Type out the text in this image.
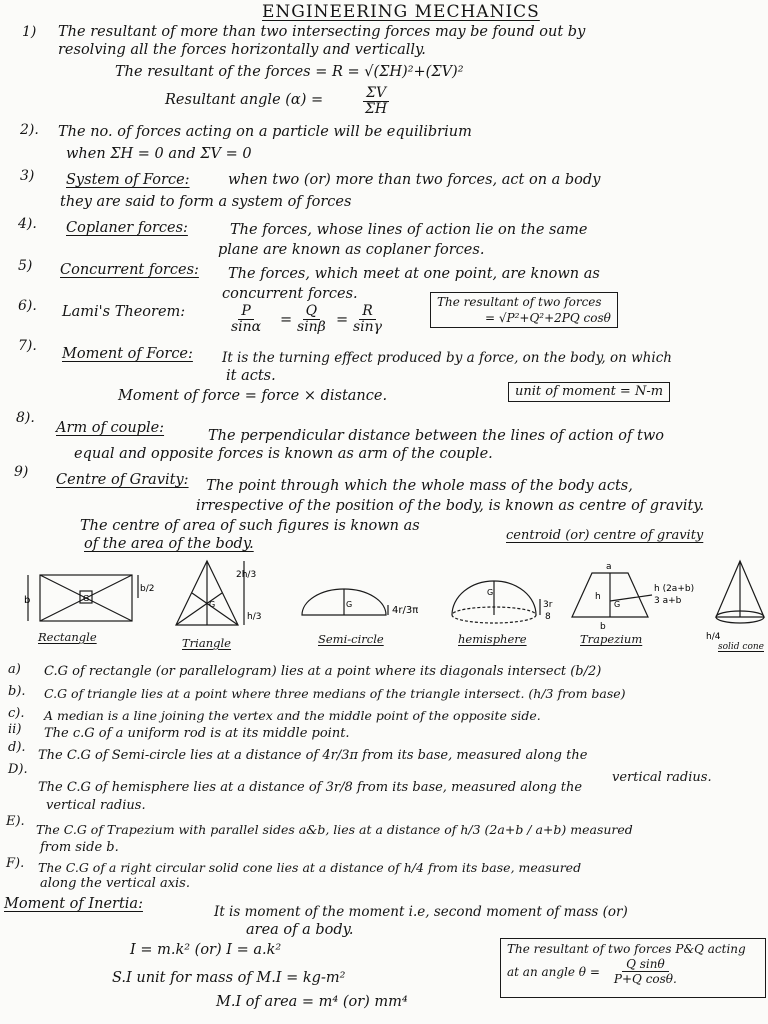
ENGINEERING MECHANICS
1) The resultant of more than two intersecting forces may be found out by
resolving all the forces horizontally and vertically.
The resultant of the forces = R = √(ΣH)²+(ΣV)²
Resultant angle (α) =	$\frac{\Sigma V}{\Sigma H}$
2). The no. of forces acting on a particle will be equilibrium
when ΣH = 0 and ΣV = 0
3) System of Force:	when two (or) more than two forces, act on a body
they are said to form a system of forces
4). Coplaner forces:	The forces, whose lines of action lie on the same
plane are known as coplaner forces.
5) Concurrent forces: The forces, which meet at one point, are known as
concurrent forces.
6). Lami's Theorem:	$\frac{P}{\sin\alpha} = \frac{Q}{\sin\beta} = \frac{R}{\sin\gamma}$
The resultant of two forces
= √P²+Q²+2PQ cosθ
7). Moment of Force: It is the turning effect produced by a force, on the body, on which
it acts.
Moment of force = force × distance.	unit of moment = N-m
8).
Arm of couple:	The perpendicular distance between the lines of action of two
equal and opposite forces is known as arm of the couple.
9) Centre of Gravity: The point through which the whole mass of the body acts,
irrespective of the position of the body, is known as centre of gravity.
The centre of area of such figures is known as
centroid (or) centre of gravity
of the area of the body.
b
b/2
G
2h/3
h/3
G	G
4r/3π
G
3r
8
a
b
h
G
h (2a+b)
3 a+b
h/4
Rectangle	Triangle	Semi-circle	hemisphere	Trapezium
solid cone
a) C.G of rectangle (or parallelogram) lies at a point where its diagonals intersect (b/2)
b). C.G of triangle lies at a point where three medians of the triangle intersect. (h/3 from base)
c). A median is a line joining the vertex and the middle point of the opposite side.
ii) The c.G of a uniform rod is at its middle point.
d).
The C.G of Semi-circle lies at a distance of 4r/3π from its base, measured along the
vertical radius.
D).
The C.G of hemisphere lies at a distance of 3r/8 from its base, measured along the
vertical radius.
E).
The C.G of Trapezium with parallel sides a&b, lies at a distance of h/3 (2a+b / a+b) measured
from side b.
F). The C.G of a right circular solid cone lies at a distance of h/4 from its base, measured
along the vertical axis.
Moment of Inertia:	It is moment of the moment i.e, second moment of mass (or)
area of a body.
I = m.k² (or) I = a.k²
S.I unit for mass of M.I = kg-m²
M.I of area = m⁴ (or) mm⁴
The resultant of two forces P&Q acting
at an angle $\theta = \frac{\text{Q sinθ}}{\text{P+Q cosθ.}}$
